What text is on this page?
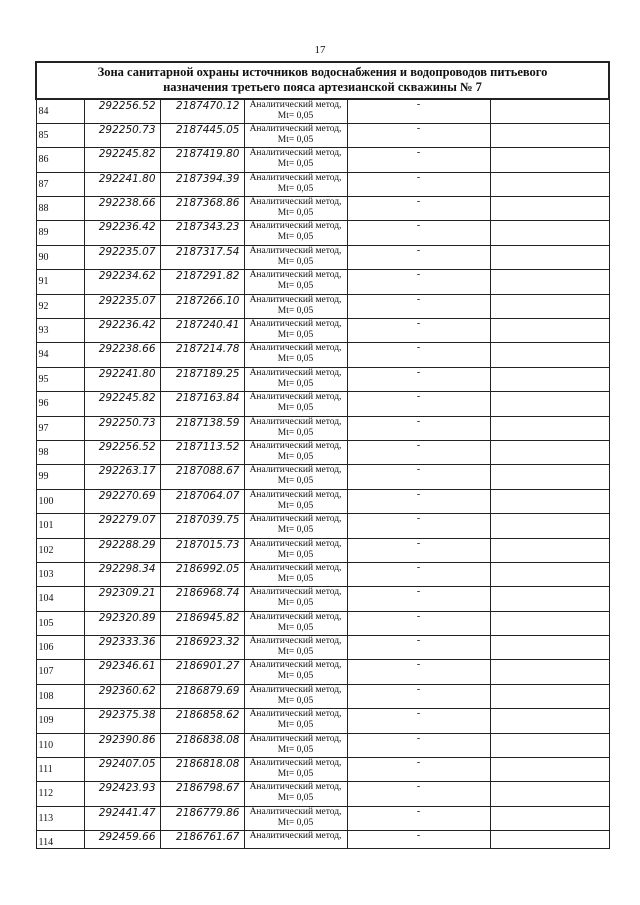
17
Зона санитарной охраны источников водоснабжения и водопроводов питьевого
назначения третьего пояса артезианской скважины № 7					

84	292256.52	2187470.12	Аналитический метод,
Mt= 0,05	-	
85	292250.73	2187445.05	Аналитический метод,
Mt= 0,05	-	
86	292245.82	2187419.80	Аналитический метод,
Mt= 0,05	-	
87	292241.80	2187394.39	Аналитический метод,
Mt= 0,05	-	
88	292238.66	2187368.86	Аналитический метод,
Mt= 0,05	-	
89	292236.42	2187343.23	Аналитический метод,
Mt= 0,05	-	
90	292235.07	2187317.54	Аналитический метод,
Mt= 0,05	-	
91	292234.62	2187291.82	Аналитический метод,
Mt= 0,05	-	
92	292235.07	2187266.10	Аналитический метод,
Mt= 0,05	-	
93	292236.42	2187240.41	Аналитический метод,
Mt= 0,05	-	
94	292238.66	2187214.78	Аналитический метод,
Mt= 0,05	-	
95	292241.80	2187189.25	Аналитический метод,
Mt= 0,05	-	
96	292245.82	2187163.84	Аналитический метод,
Mt= 0,05	-	
97	292250.73	2187138.59	Аналитический метод,
Mt= 0,05	-	
98	292256.52	2187113.52	Аналитический метод,
Mt= 0,05	-	
99	292263.17	2187088.67	Аналитический метод,
Mt= 0,05	-	
100	292270.69	2187064.07	Аналитический метод,
Mt= 0,05	-	
101	292279.07	2187039.75	Аналитический метод,
Mt= 0,05	-	
102	292288.29	2187015.73	Аналитический метод,
Mt= 0,05	-	
103	292298.34	2186992.05	Аналитический метод,
Mt= 0,05	-	
104	292309.21	2186968.74	Аналитический метод,
Mt= 0,05	-	
105	292320.89	2186945.82	Аналитический метод,
Mt= 0,05	-	
106	292333.36	2186923.32	Аналитический метод,
Mt= 0,05	-	
107	292346.61	2186901.27	Аналитический метод,
Mt= 0,05	-	
108	292360.62	2186879.69	Аналитический метод,
Mt= 0,05	-	
109	292375.38	2186858.62	Аналитический метод,
Mt= 0,05	-	
110	292390.86	2186838.08	Аналитический метод,
Mt= 0,05	-	
111	292407.05	2186818.08	Аналитический метод,
Mt= 0,05	-	
112	292423.93	2186798.67	Аналитический метод,
Mt= 0,05	-	
113	292441.47	2186779.86	Аналитический метод,
Mt= 0,05	-	
114	292459.66	2186761.67	Аналитический метод,	-	
